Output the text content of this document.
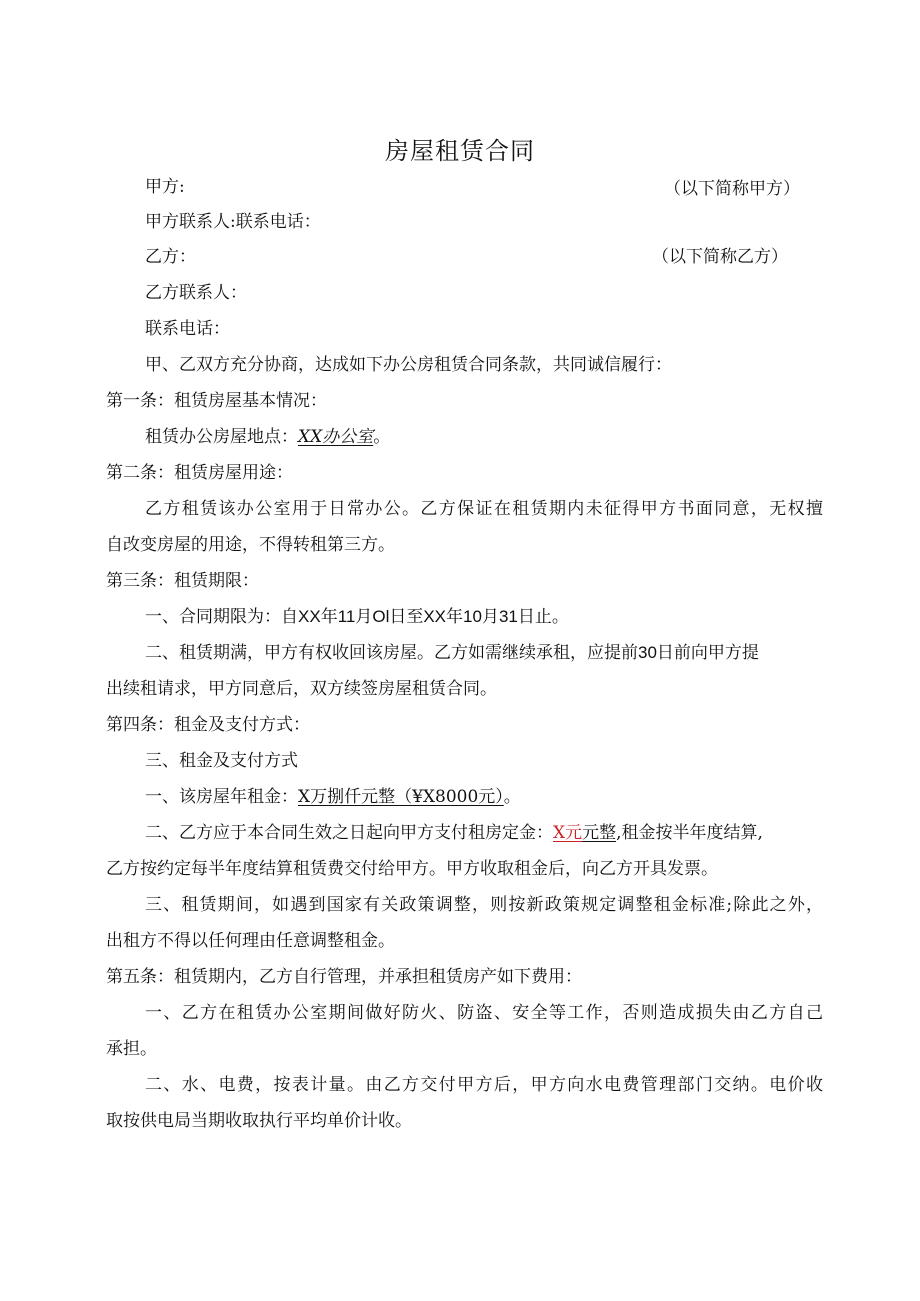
房屋租赁合同
甲方:	（以下简称甲方）
甲方联系人:联系电话：
乙方：	（以下简称乙方）
乙方联系人：
联系电话：
甲、乙双方充分协商，达成如下办公房租赁合同条款，共同诚信履行：
第一条：租赁房屋基本情况：
租赁办公房屋地点：XX办公室。
第二条：租赁房屋用途：
乙方租赁该办公室用于日常办公。乙方保证在租赁期内未征得甲方书面同意，无权擅
自改变房屋的用途，不得转租第三方。
第三条：租赁期限：
一、合同期限为：自XX年11月Ol日至XX年10月31日止。
二、租赁期满，甲方有权收回该房屋。乙方如需继续承租，应提前30日前向甲方提
出续租请求，甲方同意后，双方续签房屋租赁合同。
第四条：租金及支付方式：
三、租金及支付方式
一、该房屋年租金：X万捌仟元整（¥X8000元）。
二、乙方应于本合同生效之日起向甲方支付租房定金：X元元整,租金按半年度结算,
乙方按约定每半年度结算租赁费交付给甲方。甲方收取租金后，向乙方开具发票。
三、租赁期间，如遇到国家有关政策调整，则按新政策规定调整租金标准;除此之外，
出租方不得以任何理由任意调整租金。
第五条：租赁期内，乙方自行管理，并承担租赁房产如下费用：
一、乙方在租赁办公室期间做好防火、防盗、安全等工作，否则造成损失由乙方自己
承担。
二、水、电费，按表计量。由乙方交付甲方后，甲方向水电费管理部门交纳。电价收
取按供电局当期收取执行平均单价计收。
